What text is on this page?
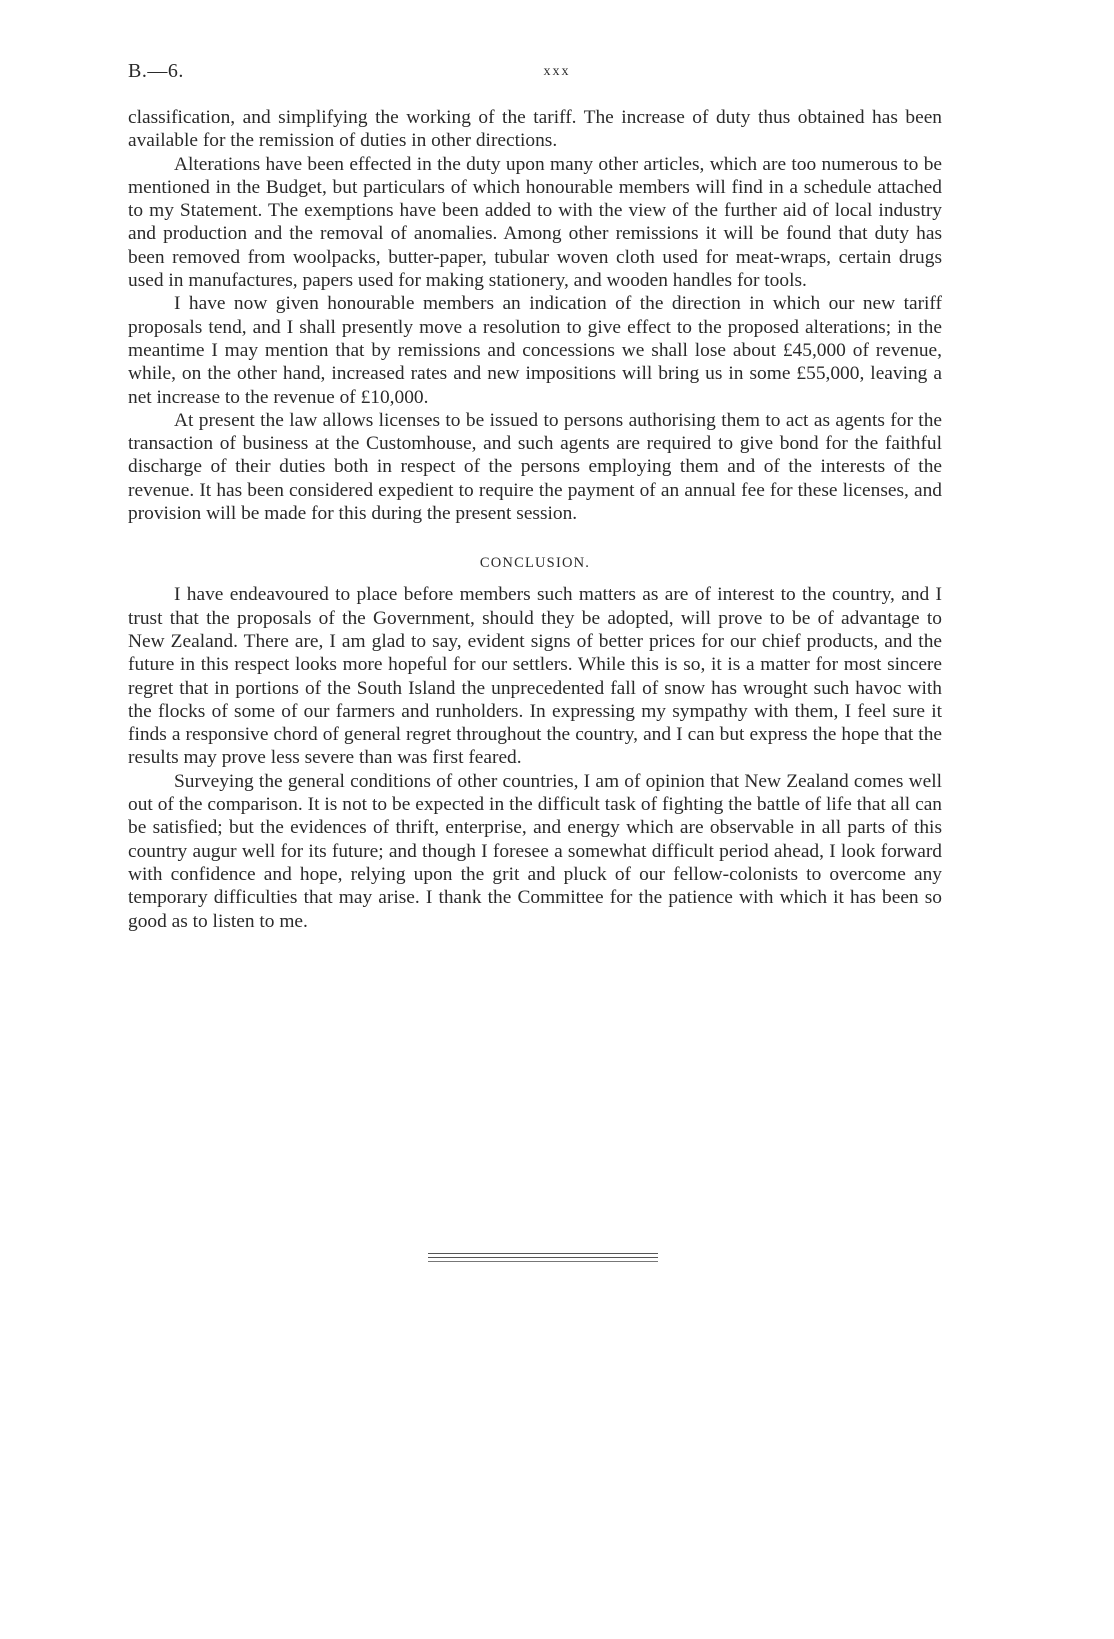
B.—6.	xxx

classification, and simplifying the working of the tariff. The increase of duty thus obtained has been available for the remission of duties in other directions.

Alterations have been effected in the duty upon many other articles, which are too numerous to be mentioned in the Budget, but particulars of which honourable members will find in a schedule attached to my Statement. The exemptions have been added to with the view of the further aid of local industry and production and the removal of anomalies. Among other remissions it will be found that duty has been removed from woolpacks, butter-paper, tubular woven cloth used for meat-wraps, certain drugs used in manufactures, papers used for making stationery, and wooden handles for tools.

I have now given honourable members an indication of the direction in which our new tariff proposals tend, and I shall presently move a resolution to give effect to the proposed alterations; in the meantime I may mention that by remissions and concessions we shall lose about £45,000 of revenue, while, on the other hand, increased rates and new impositions will bring us in some £55,000, leaving a net increase to the revenue of £10,000.

At present the law allows licenses to be issued to persons authorising them to act as agents for the transaction of business at the Customhouse, and such agents are required to give bond for the faithful discharge of their duties both in respect of the persons employing them and of the interests of the revenue. It has been considered expedient to require the payment of an annual fee for these licenses, and provision will be made for this during the present session.

CONCLUSION.

I have endeavoured to place before members such matters as are of interest to the country, and I trust that the proposals of the Government, should they be adopted, will prove to be of advantage to New Zealand. There are, I am glad to say, evident signs of better prices for our chief products, and the future in this respect looks more hopeful for our settlers. While this is so, it is a matter for most sincere regret that in portions of the South Island the unprecedented fall of snow has wrought such havoc with the flocks of some of our farmers and runholders. In expressing my sympathy with them, I feel sure it finds a responsive chord of general regret throughout the country, and I can but express the hope that the results may prove less severe than was first feared.

Surveying the general conditions of other countries, I am of opinion that New Zealand comes well out of the comparison. It is not to be expected in the difficult task of fighting the battle of life that all can be satisfied; but the evidences of thrift, enterprise, and energy which are observable in all parts of this country augur well for its future; and though I foresee a somewhat difficult period ahead, I look forward with confidence and hope, relying upon the grit and pluck of our fellow-colonists to overcome any temporary difficulties that may arise. I thank the Committee for the patience with which it has been so good as to listen to me.
